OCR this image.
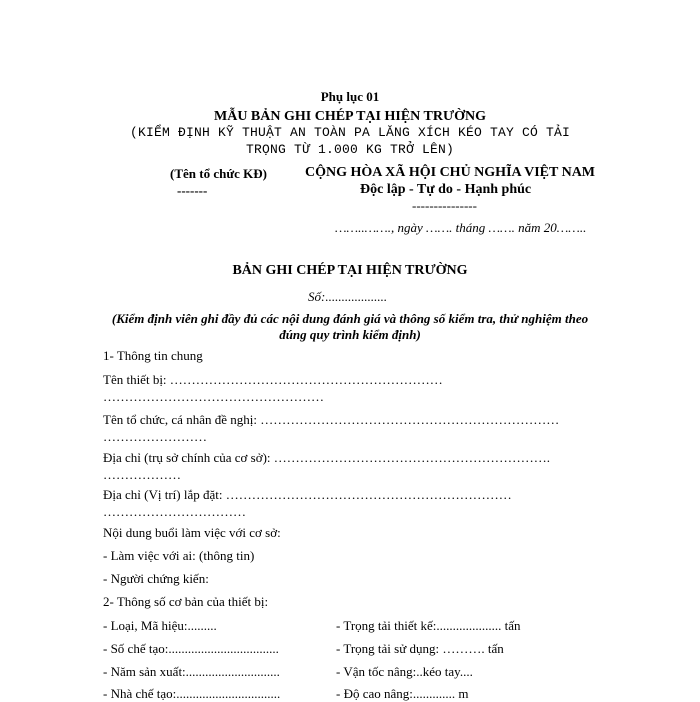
Phụ lục 01
MẪU BẢN GHI CHÉP TẠI HIỆN TRƯỜNG
(KIỂM ĐỊNH KỸ THUẬT AN TOÀN PA LĂNG XÍCH KÉO TAY CÓ TẢI
TRỌNG TỪ 1.000 KG TRỞ LÊN)
(Tên tổ chức KĐ)
-------
CỘNG HÒA XÃ HỘI CHỦ NGHĨA VIỆT NAM
Độc lập - Tự do - Hạnh phúc
---------------
……..……., ngày ……. tháng ……. năm 20……..
BẢN GHI CHÉP TẠI HIỆN TRƯỜNG
Số:...................
(Kiểm định viên ghi đầy đủ các nội dung đánh giá và thông số kiểm tra, thử nghiệm theo
đúng quy trình kiểm định)
1- Thông tin chung
Tên thiết bị: ………………………………………………………
……………………………………………
Tên tổ chức, cá nhân đề nghị: ……………………………………………………………
……………………
Địa chỉ (trụ sở chính của cơ sở): ……………………………………………………….
………………
Địa chỉ (Vị trí) lắp đặt: …………………………………………………………
……………………………
Nội dung buổi làm việc với cơ sở:
- Làm việc với ai: (thông tin)
- Người chứng kiến:
2- Thông số cơ bản của thiết bị:
- Loại, Mã hiệu:.........
- Số chế tạo:..................................
- Năm sản xuất:.............................
- Nhà chế tạo:................................
- Trọng tải thiết kế:.................... tấn
- Trọng tải sử dụng: ………. tấn
- Vận tốc nâng:..kéo tay....
- Độ cao nâng:............. m
